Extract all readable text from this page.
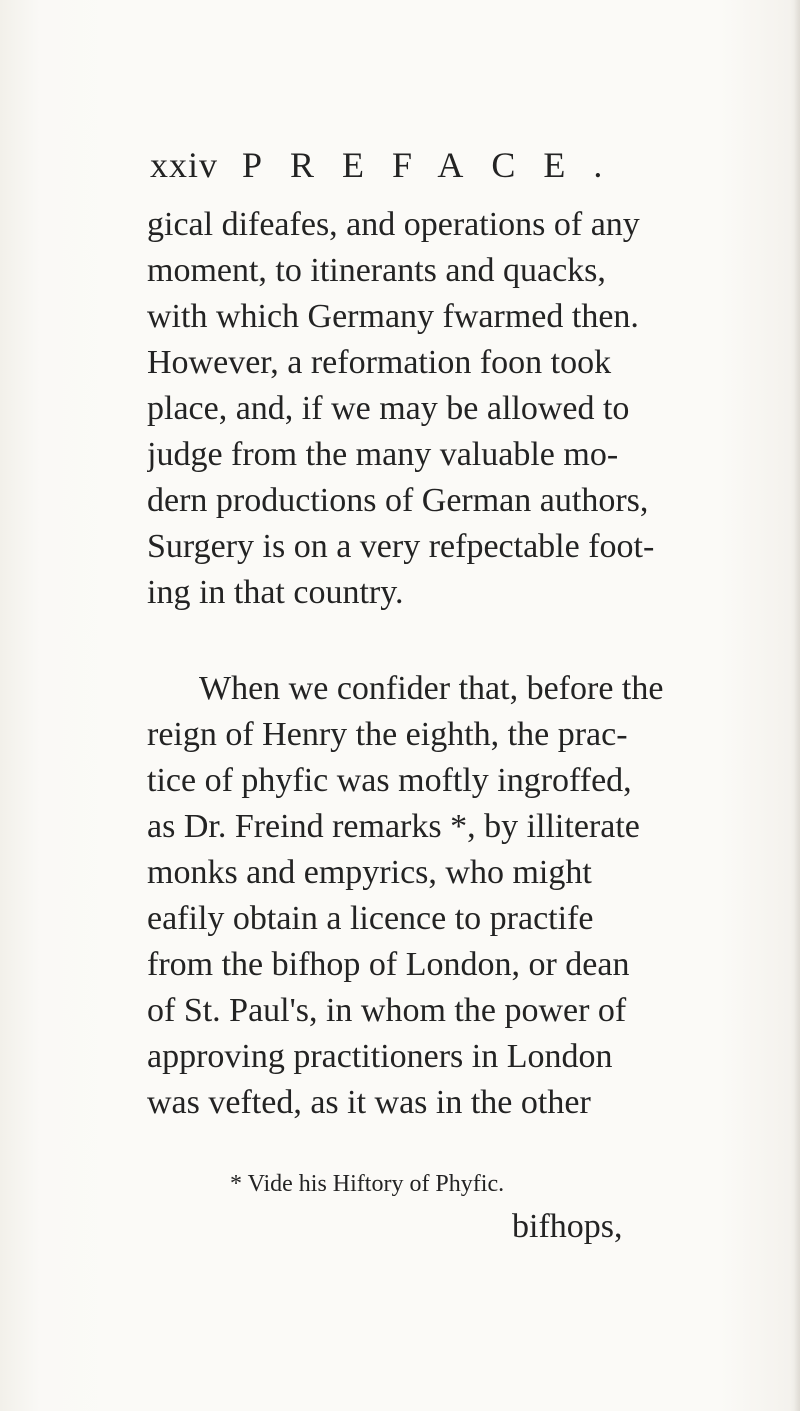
xxiv PREFACE.
gical difeafes, and operations of any
moment, to itinerants and quacks,
with which Germany fwarmed then.
However, a reformation foon took
place, and, if we may be allowed to
judge from the many valuable mo-
dern productions of German authors,
Surgery is on a very refpectable foot-
ing in that country.
When we confider that, before the
reign of Henry the eighth, the prac-
tice of phyfic was moftly ingroffed,
as Dr. Freind remarks *, by illiterate
monks and empyrics, who might
eafily obtain a licence to practife
from the bifhop of London, or dean
of St. Paul's, in whom the power of
approving practitioners in London
was vefted, as it was in the other
* Vide his Hiftory of Phyfic.
bifhops,
